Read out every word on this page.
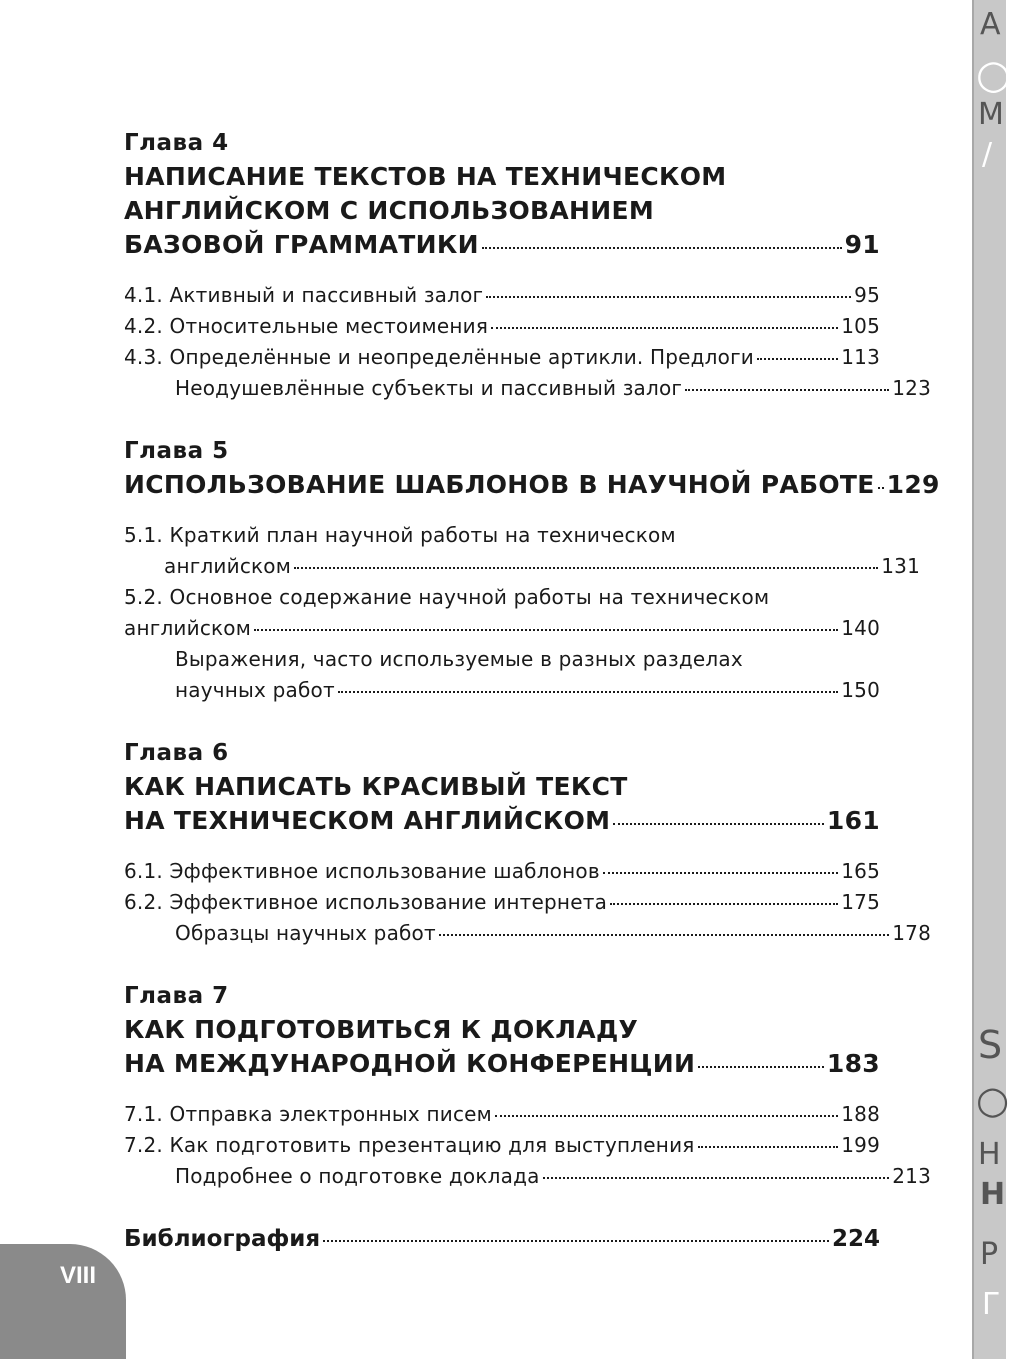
Глава 4
НАПИСАНИЕ ТЕКСТОВ НА ТЕХНИЧЕСКОМ
АНГЛИЙСКОМ С ИСПОЛЬЗОВАНИЕМ
БАЗОВОЙ ГРАММАТИКИ	91
4.1. Активный и пассивный залог	95
4.2. Относительные местоимения	105
4.3. Определённые и неопределённые артикли. Предлоги	113
Неодушевлённые субъекты и пассивный залог	123
Глава 5
ИСПОЛЬЗОВАНИЕ ШАБЛОНОВ В НАУЧНОЙ РАБОТЕ 129
5.1. Краткий план научной работы на техническом
английском	131
5.2. Основное содержание научной работы на техническом
английском	140
Выражения, часто используемые в разных разделах
научных работ	150
Глава 6
КАК НАПИСАТЬ КРАСИВЫЙ ТЕКСТ
НА ТЕХНИЧЕСКОМ АНГЛИЙСКОМ	161
6.1. Эффективное использование шаблонов	165
6.2. Эффективное использование интернета	175
Образцы научных работ	178
Глава 7
КАК ПОДГОТОВИТЬСЯ К ДОКЛАДУ
НА МЕЖДУНАРОДНОЙ КОНФЕРЕНЦИИ	183
7.1. Отправка электронных писем	188
7.2. Как подготовить презентацию для выступления	199
Подробнее о подготовке доклада	213
Библиография	224
VIII
A
○
M
/
S
○
H
H
P
Г
